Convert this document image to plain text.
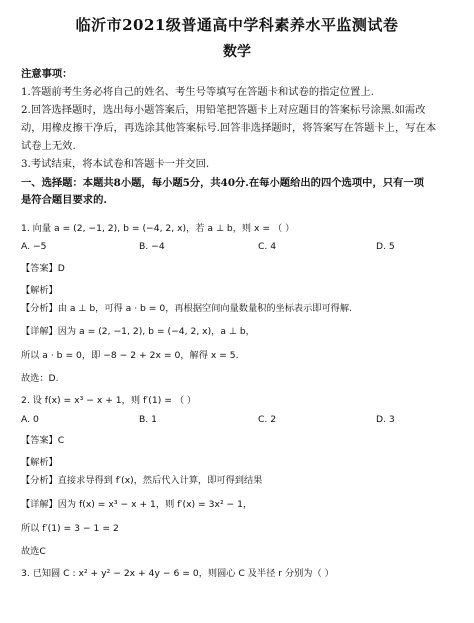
临沂市2021级普通高中学科素养水平监测试卷
数学
注意事项：
1.答题前考生务必将自己的姓名、考生号等填写在答题卡和试卷的指定位置上.
2.回答选择题时，选出每小题答案后，用铅笔把答题卡上对应题目的答案标号涂黑.如需改
动，用橡皮擦干净后，再选涂其他答案标号.回答非选择题时，将答案写在答题卡上，写在本
试卷上无效.
3.考试结束，将本试卷和答题卡一并交回.
一、选择题：本题共8小题，每小题5分，共40分.在每小题给出的四个选项中，只有一项
是符合题目要求的.
1. 向量 a = (2, −1, 2), b = (−4, 2, x)，若 a ⊥ b，则 x = （ ）
A. −5	B. −4	C. 4	D. 5
【答案】D
【解析】
【分析】由 a ⊥ b，可得 a · b = 0，再根据空间向量数量积的坐标表示即可得解.
【详解】因为 a = (2, −1, 2), b = (−4, 2, x)，a ⊥ b，
所以 a · b = 0，即 −8 − 2 + 2x = 0，解得 x = 5.
故选：D.
2. 设 f(x) = x³ − x + 1，则 f′(1) = （ ）
A. 0	B. 1	C. 2	D. 3
【答案】C
【解析】
【分析】直接求导得到 f′(x)，然后代入计算，即可得到结果
【详解】因为 f(x) = x³ − x + 1，则 f′(x) = 3x² − 1，
所以 f′(1) = 3 − 1 = 2
故选C
3. 已知圆 C : x² + y² − 2x + 4y − 6 = 0，则圆心 C 及半径 r 分别为（ ）
